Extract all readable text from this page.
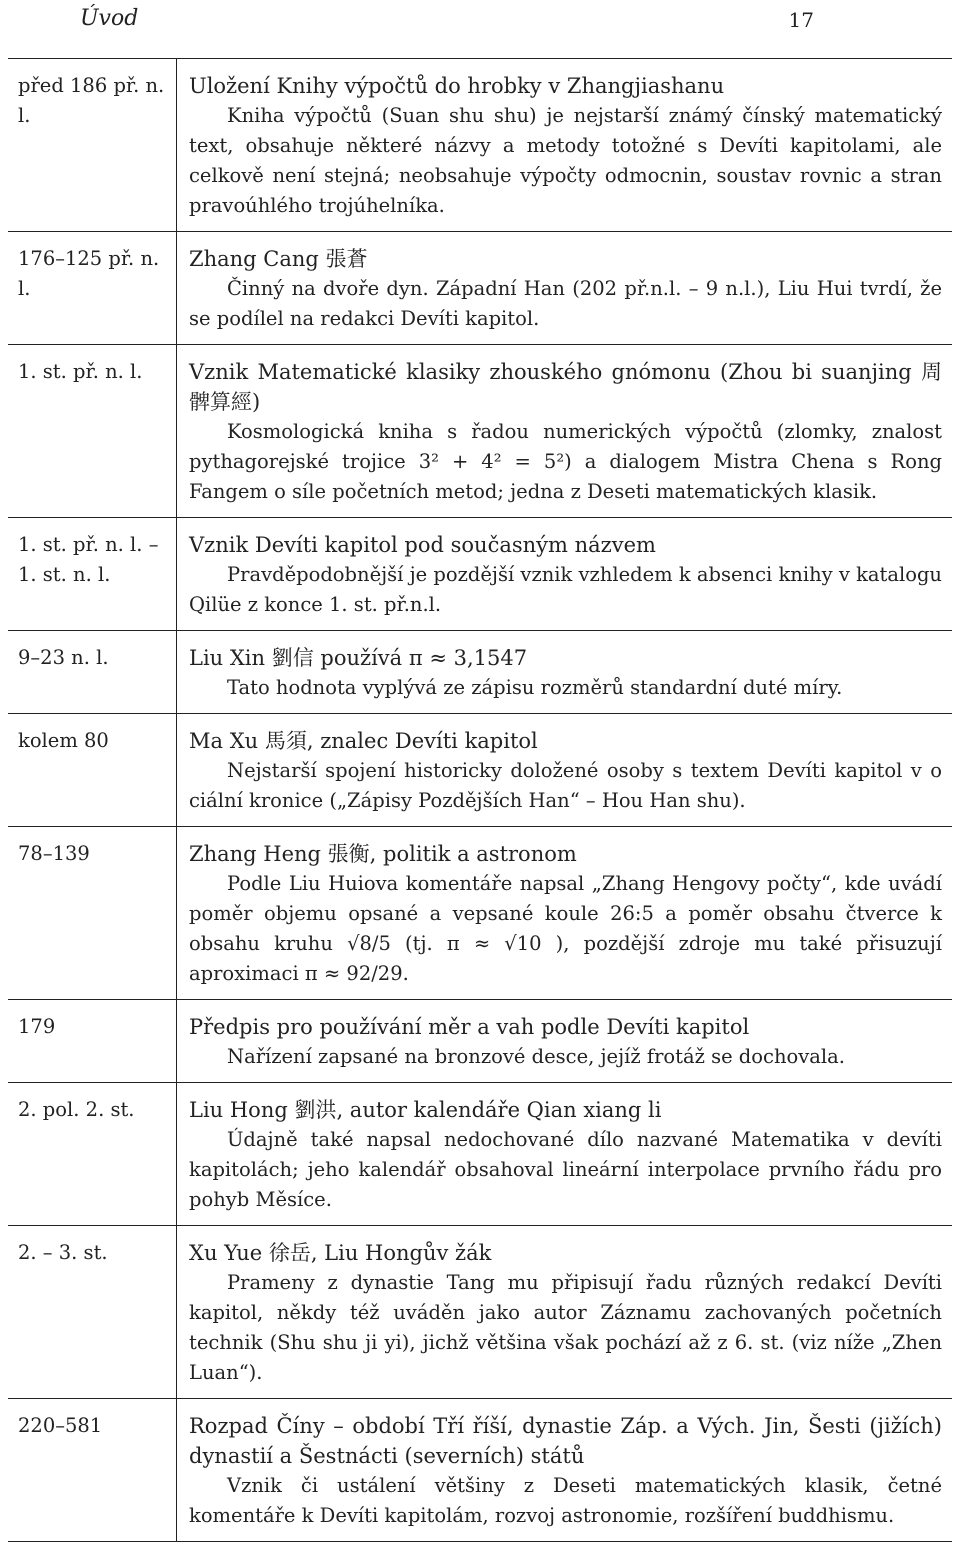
Úvod	17
před 186 př. n. l.	Uložení Knihy výpočtů do hrobky v Zhangjiashanu
Kniha výpočtů (Suan shu shu) je nejstarší známý čínský matematický text, obsahuje některé názvy a metody totožné s Devíti kapitolami, ale celkově není stejná; neobsahuje výpočty odmocnin, soustav rovnic a stran pravoúhlého trojúhelníka.

176–125 př. n. l.	Zhang Cang 張蒼
Činný na dvoře dyn. Západní Han (202 př.n.l. – 9 n.l.), Liu Hui tvrdí, že se podílel na redakci Devíti kapitol.

1. st. př. n. l.	Vznik Matematické klasiky zhouského gnómonu (Zhou bi suanjing 周髀算經)
Kosmologická kniha s řadou numerických výpočtů (zlomky, znalost pythagorejské trojice 3² + 4² = 5²) a dialogem Mistra Chena s Rong Fangem o síle početních metod; jedna z Deseti matematických klasik.

1. st. př. n. l. – 1. st. n. l.	Vznik Devíti kapitol pod současným názvem
Pravděpodobnější je pozdější vznik vzhledem k absenci knihy v katalogu Qilüe z konce 1. st. př.n.l.

9–23 n. l.	Liu Xin 劉信 používá π ≈ 3,1547
Tato hodnota vyplývá ze zápisu rozměrů standardní duté míry.

kolem 80	Ma Xu 馬須, znalec Devíti kapitol
Nejstarší spojení historicky doložené osoby s textem Devíti kapitol v o ciální kronice („Zápisy Pozdějších Han“ – Hou Han shu).

78–139	Zhang Heng 張衡, politik a astronom
Podle Liu Huiova komentáře napsal „Zhang Hengovy počty“, kde uvádí poměr objemu opsané a vepsané koule 26:5 a poměr obsahu čtverce k obsahu kruhu √8/5 (tj. π ≈ √10 ), pozdější zdroje mu také přisuzují aproximaci π ≈ 92/29.

179	Předpis pro používání měr a vah podle Devíti kapitol
Nařízení zapsané na bronzové desce, jejíž frotáž se dochovala.

2. pol. 2. st.	Liu Hong 劉洪, autor kalendáře Qian xiang li
Údajně také napsal nedochované dílo nazvané Matematika v devíti kapitolách; jeho kalendář obsahoval lineární interpolace prvního řádu pro pohyb Měsíce.

2. – 3. st.	Xu Yue 徐岳, Liu Hongův žák
Prameny z dynastie Tang mu připisují řadu různých redakcí Devíti kapitol, někdy též uváděn jako autor Záznamu zachovaných početních technik (Shu shu ji yi), jichž většina však pochází až z 6. st. (viz níže „Zhen Luan“).

220–581	Rozpad Číny – období Tří říší, dynastie Záp. a Vých. Jin, Šesti (jižích) dynastií a Šestnácti (severních) států
Vznik či ustálení většiny z Deseti matematických klasik, četné komentáře k Devíti kapitolám, rozvoj astronomie, rozšíření buddhismu.
